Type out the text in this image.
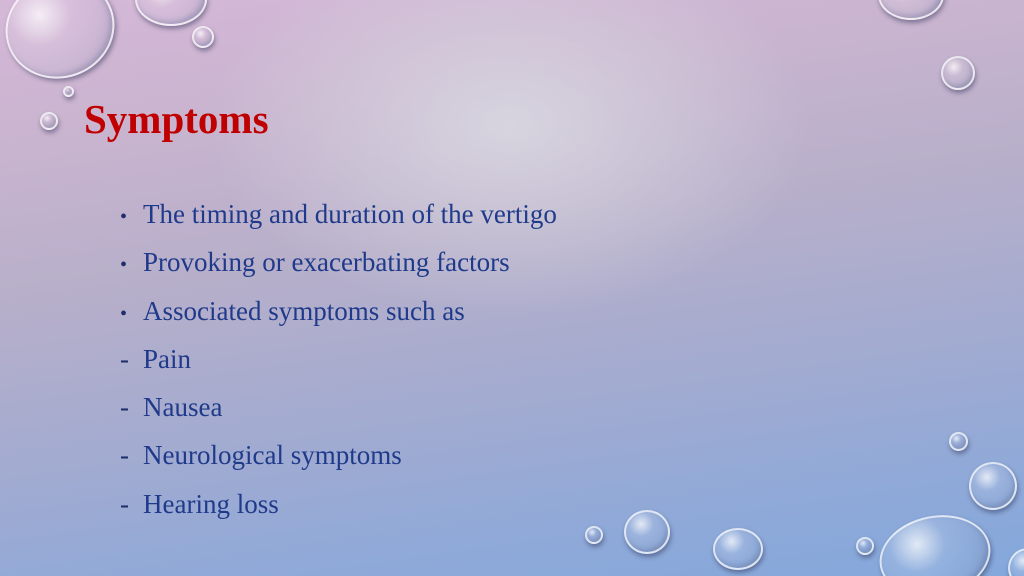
Symptoms
• The timing and duration of the vertigo
• Provoking or exacerbating factors
• Associated symptoms such as
- Pain
- Nausea
- Neurological symptoms
- Hearing loss
